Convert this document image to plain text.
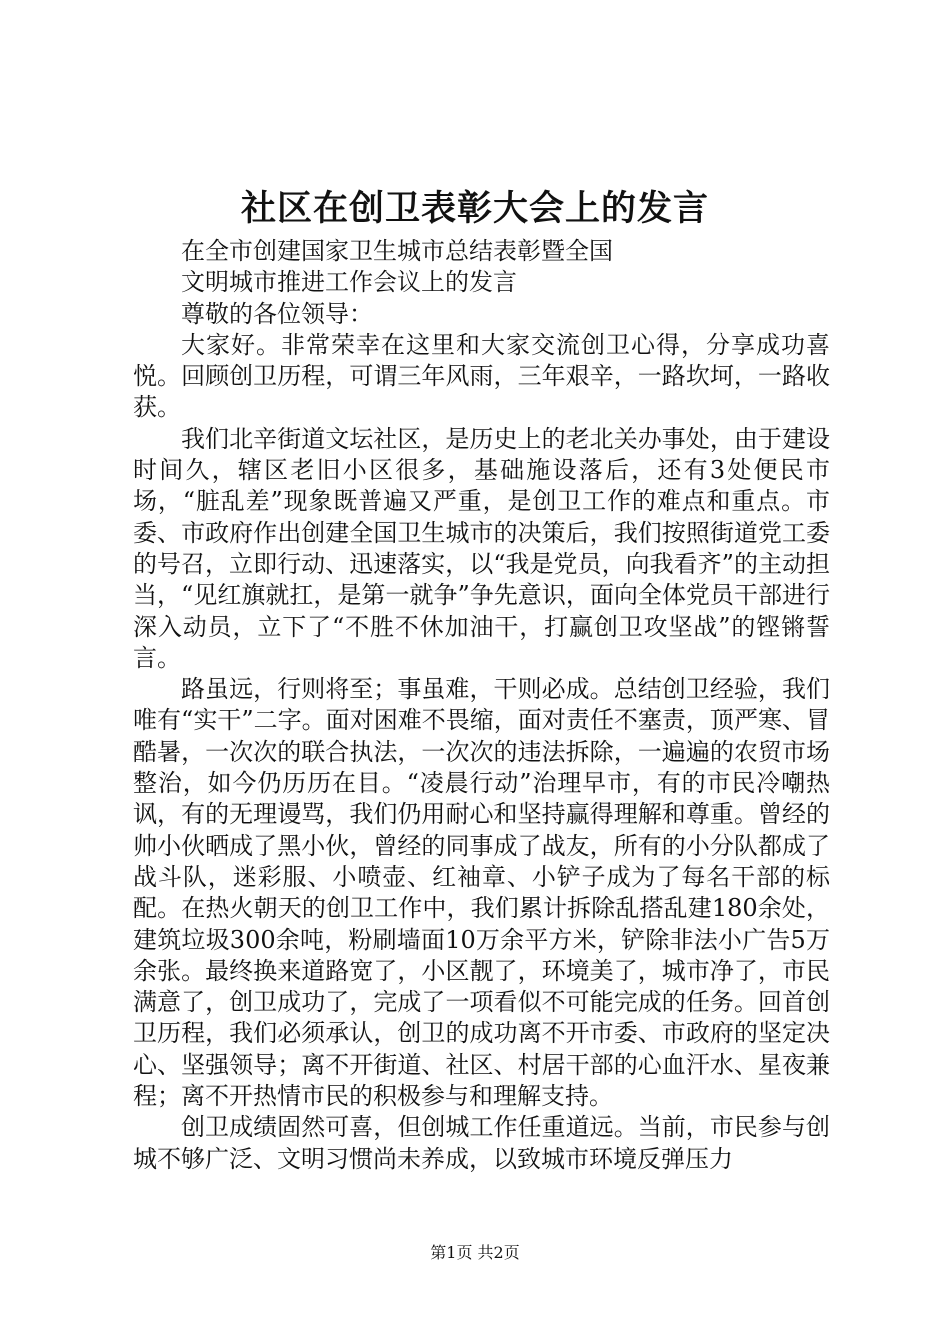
社区在创卫表彰大会上的发言

在全市创建国家卫生城市总结表彰暨全国

文明城市推进工作会议上的发言

尊敬的各位领导：

大家好。非常荣幸在这里和大家交流创卫心得，分享成功喜悦。回顾创卫历程，可谓三年风雨，三年艰辛，一路坎坷，一路收获。

我们北辛街道文坛社区，是历史上的老北关办事处，由于建设时间久，辖区老旧小区很多，基础施设落后，还有3处便民市场，“脏乱差”现象既普遍又严重，是创卫工作的难点和重点。市委、市政府作出创建全国卫生城市的决策后，我们按照街道党工委的号召，立即行动、迅速落实，以“我是党员，向我看齐”的主动担当，“见红旗就扛，是第一就争”争先意识，面向全体党员干部进行深入动员，立下了“不胜不休加油干，打赢创卫攻坚战”的铿锵誓言。

路虽远，行则将至；事虽难，干则必成。总结创卫经验，我们唯有“实干”二字。面对困难不畏缩，面对责任不塞责，顶严寒、冒酷暑，一次次的联合执法，一次次的违法拆除，一遍遍的农贸市场整治，如今仍历历在目。“凌晨行动”治理早市，有的市民冷嘲热讽，有的无理谩骂，我们仍用耐心和坚持赢得理解和尊重。曾经的帅小伙晒成了黑小伙，曾经的同事成了战友，所有的小分队都成了战斗队，迷彩服、小喷壶、红袖章、小铲子成为了每名干部的标配。在热火朝天的创卫工作中，我们累计拆除乱搭乱建180余处，建筑垃圾300余吨，粉刷墙面10万余平方米，铲除非法小广告5万余张。最终换来道路宽了，小区靓了，环境美了，城市净了，市民满意了，创卫成功了，完成了一项看似不可能完成的任务。回首创卫历程，我们必须承认，创卫的成功离不开市委、市政府的坚定决心、坚强领导；离不开街道、社区、村居干部的心血汗水、星夜兼程；离不开热情市民的积极参与和理解支持。

创卫成绩固然可喜，但创城工作任重道远。当前，市民参与创城不够广泛、文明习惯尚未养成，以致城市环境反弹压力

第1页 共2页
